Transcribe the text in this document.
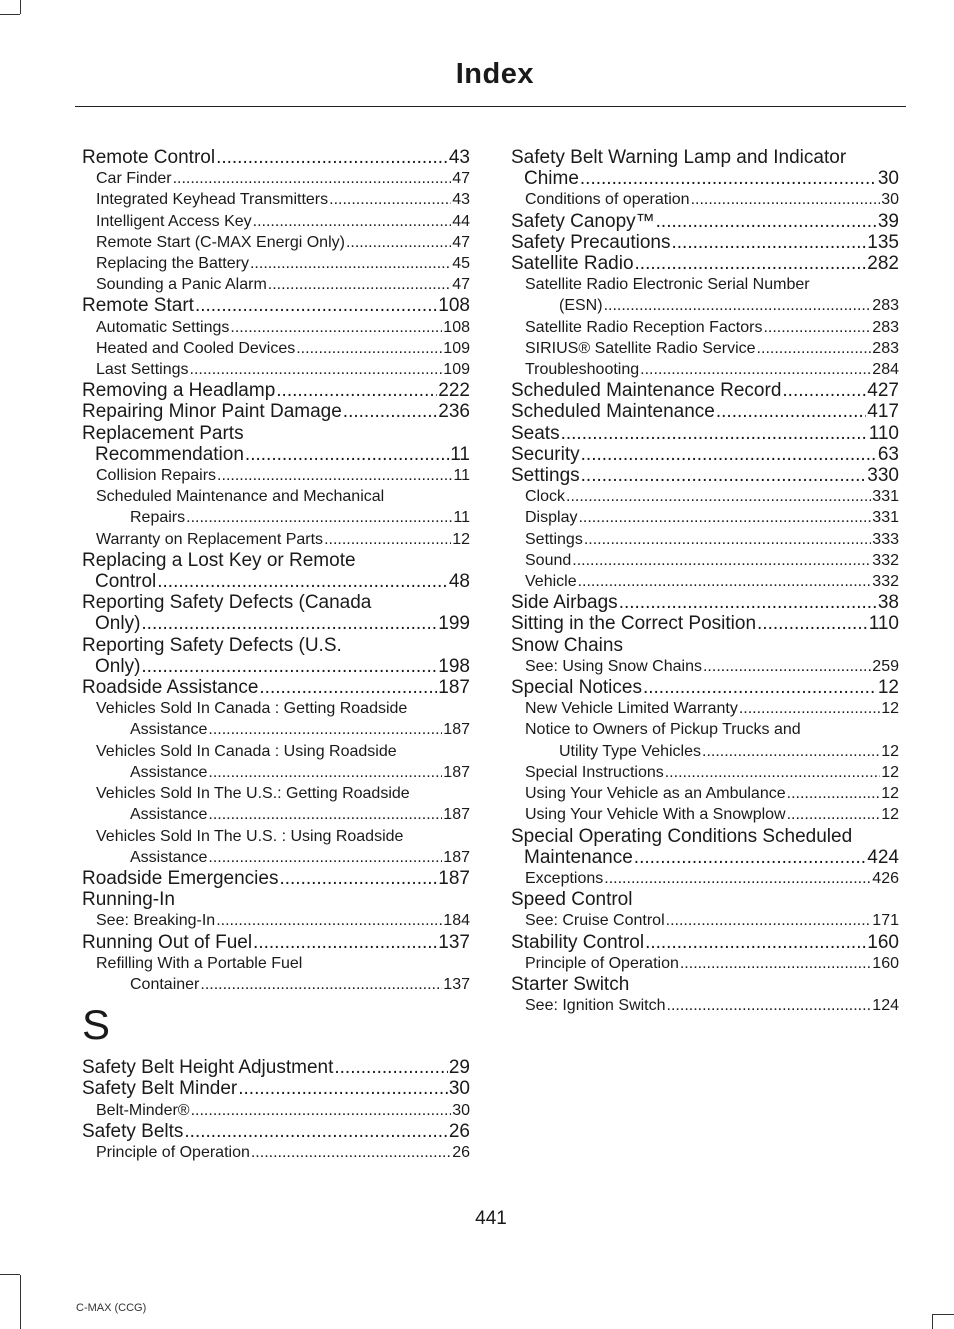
Index
Remote Control .....	43
Car Finder .....	47
Integrated Keyhead Transmitters .....	43
Intelligent Access Key .....	44
Remote Start (C-MAX Energi Only) .....	47
Replacing the Battery .....	45
Sounding a Panic Alarm .....	47
Remote Start .....	108
Automatic Settings .....	108
Heated and Cooled Devices .....	109
Last Settings .....	109
Removing a Headlamp .....	222
Repairing Minor Paint Damage .....	236
Replacement Parts
Recommendation .....	11
Collision Repairs .....	11
Scheduled Maintenance and Mechanical
Repairs .....	11
Warranty on Replacement Parts .....	12
Replacing a Lost Key or Remote
Control .....	48
Reporting Safety Defects (Canada
Only) .....	199
Reporting Safety Defects (U.S.
Only) .....	198
Roadside Assistance .....	187
Vehicles Sold In Canada : Getting Roadside
Assistance .....	187
Vehicles Sold In Canada : Using Roadside
Assistance .....	187
Vehicles Sold In The U.S.: Getting Roadside
Assistance .....	187
Vehicles Sold In The U.S. : Using Roadside
Assistance .....	187
Roadside Emergencies .....	187
Running-In
See: Breaking-In .....	184
Running Out of Fuel .....	137
Refilling With a Portable Fuel
Container .....	137
S
Safety Belt Height Adjustment .....	29
Safety Belt Minder .....	30
Belt-Minder® .....	30
Safety Belts .....	26
Principle of Operation .....	26
Safety Belt Warning Lamp and Indicator
Chime .....	30
Conditions of operation .....	30
Safety Canopy™ .....	39
Safety Precautions .....	135
Satellite Radio .....	282
Satellite Radio Electronic Serial Number
(ESN) .....	283
Satellite Radio Reception Factors .....	283
SIRIUS® Satellite Radio Service .....	283
Troubleshooting .....	284
Scheduled Maintenance Record .....	427
Scheduled Maintenance .....	417
Seats .....	110
Security .....	63
Settings .....	330
Clock .....	331
Display .....	331
Settings .....	333
Sound .....	332
Vehicle .....	332
Side Airbags .....	38
Sitting in the Correct Position .....	110
Snow Chains
See: Using Snow Chains .....	259
Special Notices .....	12
New Vehicle Limited Warranty .....	12
Notice to Owners of Pickup Trucks and
Utility Type Vehicles .....	12
Special Instructions .....	12
Using Your Vehicle as an Ambulance .....	12
Using Your Vehicle With a Snowplow .....	12
Special Operating Conditions Scheduled
Maintenance .....	424
Exceptions .....	426
Speed Control
See: Cruise Control .....	171
Stability Control .....	160
Principle of Operation .....	160
Starter Switch
See: Ignition Switch .....	124
441
C-MAX (CCG)
